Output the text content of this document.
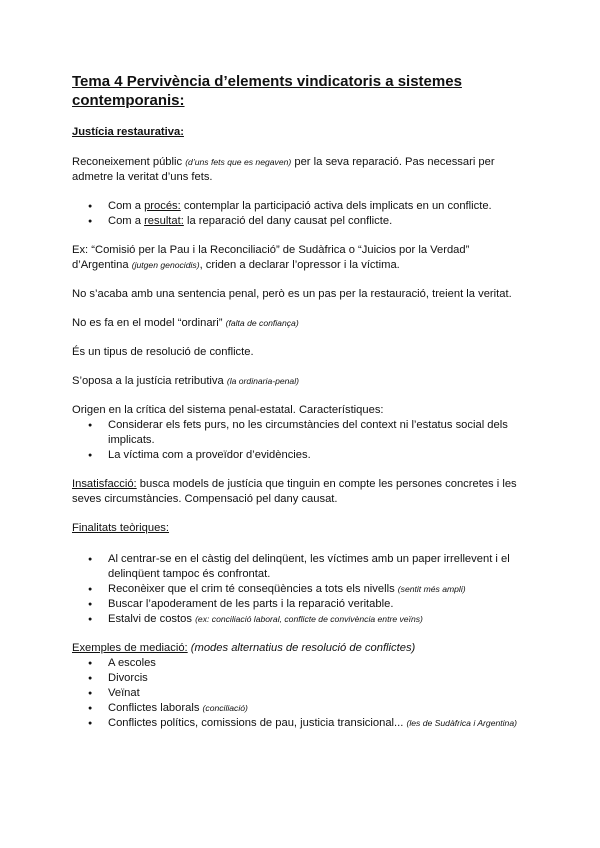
Tema 4 Pervivència d’elements vindicatoris a sistemes contemporanis:
Justícia restaurativa:

Reconeixement públic (d’uns fets que es negaven) per la seva reparació. Pas necessari per admetre la veritat d’uns fets.

● Com a procés: contemplar la participació activa dels implicats en un conflicte.
● Com a resultat: la reparació del dany causat pel conflicte.

Ex: “Comisió per la Pau i la Reconciliació” de Sudàfrica o “Juicios por la Verdad” d’Argentina (jutgen genocidis), criden a declarar l’opressor i la víctima.

No s’acaba amb una sentencia penal, però es un pas per la restauració, treient la veritat.

No es fa en el model “ordinari” (falta de confiança)

És un tipus de resolució de conflicte.

S’oposa a la justícia retributiva (la ordinaria-penal)

Origen en la crítica del sistema penal-estatal. Característiques:

● Considerar els fets purs, no les circumstàncies del context ni l’estatus social dels implicats.
● La víctima com a proveïdor d’evidències.

Insatisfacció: busca models de justícia que tinguin en compte les persones concretes i les seves circumstàncies. Compensació pel dany causat.

Finalitats teòriques:

● Al centrar-se en el càstig del delinqüent, les víctimes amb un paper irrellevent i el delinqüent tampoc és confrontat.
● Reconèixer que el crim té conseqüències a tots els nivells (sentit més ampli)
● Buscar l’apoderament de les parts i la reparació veritable.
● Estalvi de costos (ex: conciliació laboral, conflicte de convivència entre veïns)

Exemples de mediació: (modes alternatius de resolució de conflictes)

● A escoles
● Divorcis
● Veïnat
● Conflictes laborals (conciliació)
● Conflictes polítics, comissions de pau, justicia transicional... (les de Sudàfrica i Argentina)
